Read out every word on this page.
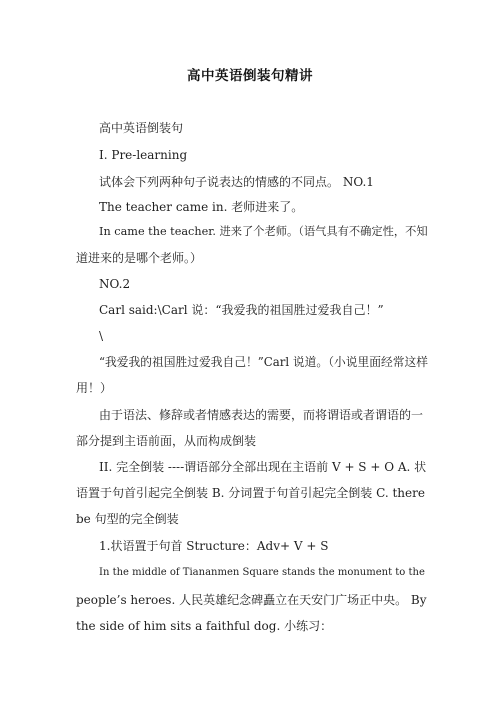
高中英语倒装句精讲
高中英语倒装句
I. Pre-learning
试体会下列两种句子说表达的情感的不同点。 NO.1
The teacher came in. 老师进来了。
In came the teacher. 进来了个老师。（语气具有不确定性，不知
道进来的是哪个老师。）
NO.2
Carl said:\Carl 说：“我爱我的祖国胜过爱我自己！”
\
“我爱我的祖国胜过爱我自己！”Carl 说道。（小说里面经常这样
用！）
由于语法、修辞或者情感表达的需要，而将谓语或者谓语的一
部分提到主语前面，从而构成倒装
II. 完全倒装 ----谓语部分全部出现在主语前 V + S + O A. 状
语置于句首引起完全倒装 B. 分词置于句首引起完全倒装 C. there
be 句型的完全倒装
1.状语置于句首 Structure：Adv+ V + S
In the middle of Tiananmen Square stands the monument to the
people’s heroes. 人民英雄纪念碑矗立在天安门广场正中央。 By
the side of him sits a faithful dog. 小练习：
